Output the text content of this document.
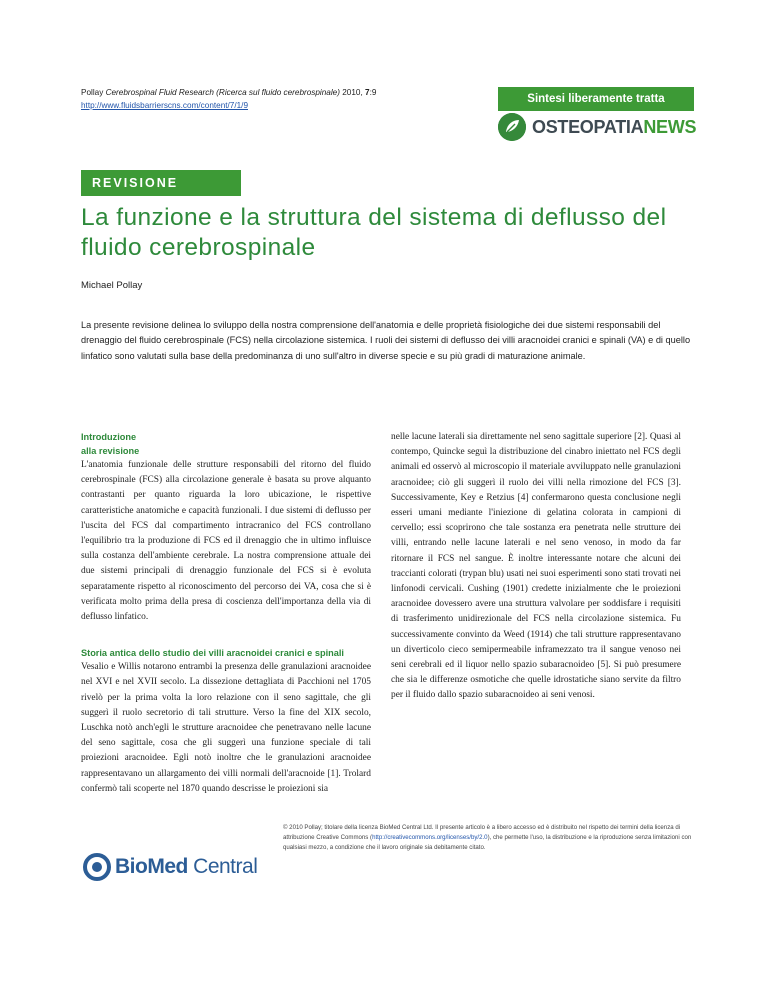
Pollay Cerebrospinal Fluid Research (Ricerca sul fluido cerebrospinale) 2010, 7:9
http://www.fluidsbarrierscns.com/content/7/1/9	Sintesi liberamente tratta
OSTEOPATIANEWS
REVISIONE
La funzione e la struttura del sistema di deflusso del fluido cerebrospinale
Michael Pollay
La presente revisione delinea lo sviluppo della nostra comprensione dell'anatomia e delle proprietà fisiologiche dei due sistemi responsabili del drenaggio del fluido cerebrospinale (FCS) nella circolazione sistemica. I ruoli dei sistemi di deflusso dei villi aracnoidei cranici e spinali (VA) e di quello linfatico sono valutati sulla base della predominanza di uno sull'altro in diverse specie e su più gradi di maturazione animale.
Introduzione
alla revisione

L'anatomia funzionale delle strutture responsabili del ritorno del fluido cerebrospinale (FCS) alla circolazione generale è basata su prove alquanto contrastanti per quanto riguarda la loro ubicazione, le rispettive caratteristiche anatomiche e capacità funzionali. I due sistemi di deflusso per l'uscita del FCS dal compartimento intracranico del FCS controllano l'equilibrio tra la produzione di FCS ed il drenaggio che in ultimo influisce sulla costanza dell'ambiente cerebrale. La nostra comprensione attuale dei due sistemi principali di drenaggio funzionale del FCS si è evoluta separatamente rispetto al riconoscimento del percorso dei VA, cosa che si è verificata molto prima della presa di coscienza dell'importanza della via di deflusso linfatico.

Storia antica dello studio dei villi aracnoidei cranici e spinali

Vesalio e Willis notarono entrambi la presenza delle granulazioni aracnoidee nel XVI e nel XVII secolo. La dissezione dettagliata di Pacchioni nel 1705 rivelò per la prima volta la loro relazione con il seno sagittale, che gli suggerì il ruolo secretorio di tali strutture. Verso la fine del XIX secolo, Luschka notò anch'egli le strutture aracnoidee che penetravano nelle lacune del seno sagittale, cosa che gli suggerì una funzione speciale di tali proiezioni aracnoidee. Egli notò inoltre che le granulazioni aracnoidee rappresentavano un allargamento dei villi normali dell'aracnoide [1]. Trolard confermò tali scoperte nel 1870 quando descrisse le proiezioni sia

nelle lacune laterali sia direttamente nel seno sagittale superiore [2]. Quasi al contempo, Quincke seguì la distribuzione del cinabro iniettato nel FCS degli animali ed osservò al microscopio il materiale avviluppato nelle granulazioni aracnoidee; ciò gli suggerì il ruolo dei villi nella rimozione del FCS [3]. Successivamente, Key e Retzius [4] confermarono questa conclusione negli esseri umani mediante l'iniezione di gelatina colorata in campioni di cervello; essi scoprirono che tale sostanza era penetrata nelle strutture dei villi, entrando nelle lacune laterali e nel seno venoso, in modo da far ritornare il FCS nel sangue. È inoltre interessante notare che alcuni dei traccianti colorati (trypan blu) usati nei suoi esperimenti sono stati trovati nei linfonodi cervicali. Cushing (1901) credette inizialmente che le proiezioni aracnoidee dovessero avere una struttura valvolare per soddisfare i requisiti di trasferimento unidirezionale del FCS nella circolazione sistemica. Fu successivamente convinto da Weed (1914) che tali strutture rappresentavano un diverticolo cieco semipermeabile inframezzato tra il sangue venoso nei seni cerebrali ed il liquor nello spazio subaracnoideo [5]. Si può presumere che sia le differenze osmotiche che quelle idrostatiche siano servite da filtro per il fluido dallo spazio subaracnoideo ai seni venosi.

BioMed Central
© 2010 Pollay; titolare della licenza BioMed Central Ltd. Il presente articolo è a libero accesso ed è distribuito nel rispetto dei termini della licenza di attribuzione Creative Commons (http://creativecommons.org/licenses/by/2.0), che permette l'uso, la distribuzione e la riproduzione senza limitazioni con qualsiasi mezzo, a condizione che il lavoro originale sia debitamente citato.
